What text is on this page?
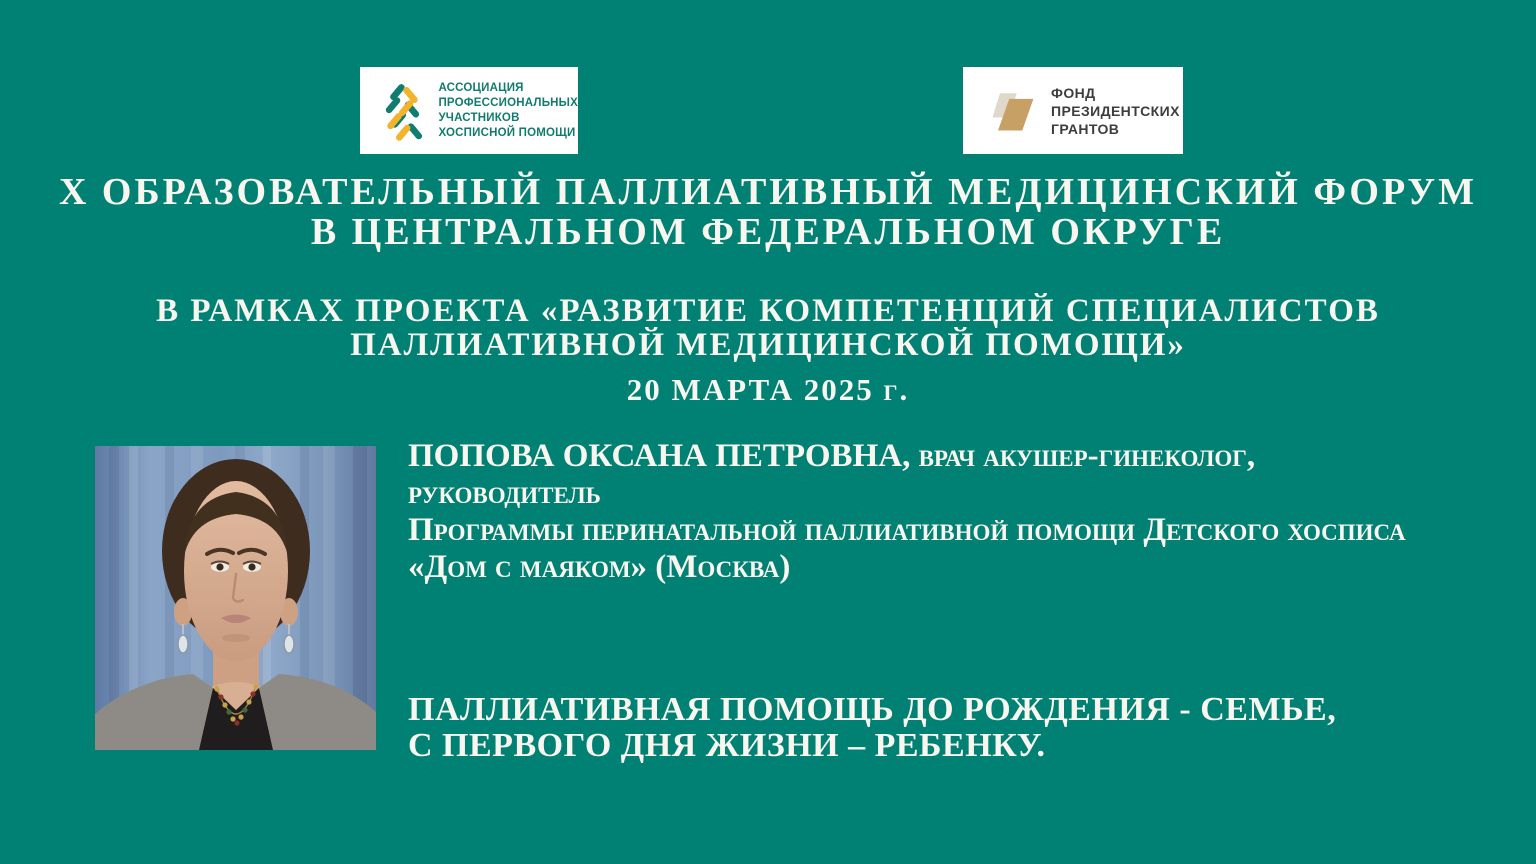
АССОЦИАЦИЯ
ПРОФЕССИОНАЛЬНЫХ
УЧАСТНИКОВ
ХОСПИСНОЙ ПОМОЩИ
ФОНД
ПРЕЗИДЕНТСКИХ
ГРАНТОВ
X ОБРАЗОВАТЕЛЬНЫЙ ПАЛЛИАТИВНЫЙ МЕДИЦИНСКИЙ ФОРУМ
В ЦЕНТРАЛЬНОМ ФЕДЕРАЛЬНОМ ОКРУГЕ
В РАМКАХ ПРОЕКТА «РАЗВИТИЕ КОМПЕТЕНЦИЙ СПЕЦИАЛИСТОВ
ПАЛЛИАТИВНОЙ МЕДИЦИНСКОЙ ПОМОЩИ»
20 МАРТА 2025 г.
ПОПОВА ОКСАНА ПЕТРОВНА, врач акушер-гинеколог, руководитель
Программы перинатальной паллиативной помощи Детского хосписа
«Дом с маяком» (Москва)
ПАЛЛИАТИВНАЯ ПОМОЩЬ ДО РОЖДЕНИЯ - СЕМЬЕ,
С ПЕРВОГО ДНЯ ЖИЗНИ – РЕБЕНКУ.
